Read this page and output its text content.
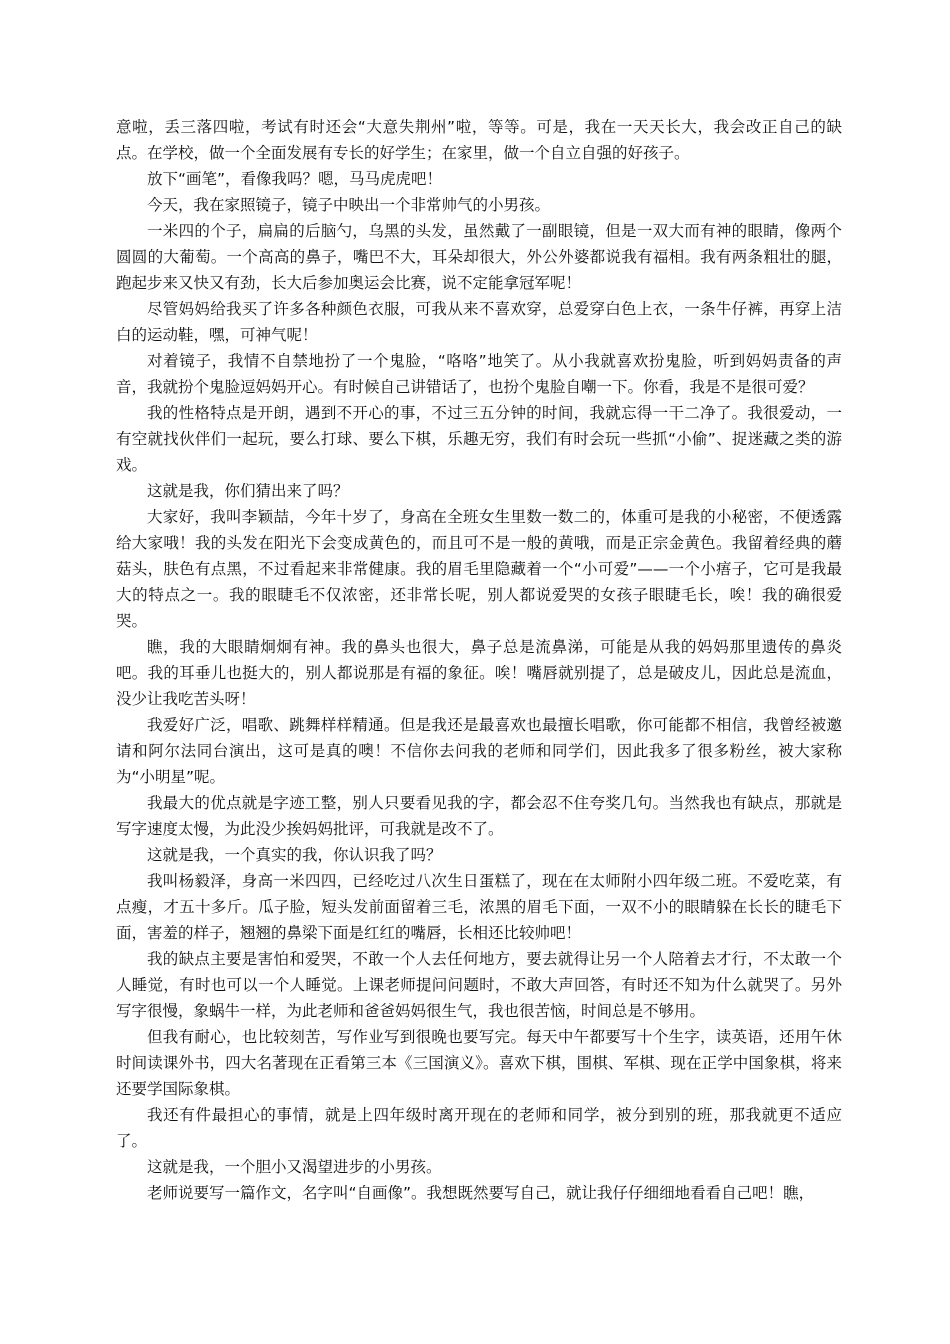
意啦，丢三落四啦，考试有时还会“大意失荆州”啦，等等。可是，我在一天天长大，我会改正自己的缺点。在学校，做一个全面发展有专长的好学生；在家里，做一个自立自强的好孩子。

放下“画笔”，看像我吗？嗯，马马虎虎吧！

今天，我在家照镜子，镜子中映出一个非常帅气的小男孩。

一米四的个子，扁扁的后脑勺，乌黑的头发，虽然戴了一副眼镜，但是一双大而有神的眼睛，像两个圆圆的大葡萄。一个高高的鼻子，嘴巴不大，耳朵却很大，外公外婆都说我有福相。我有两条粗壮的腿，跑起步来又快又有劲，长大后参加奥运会比赛，说不定能拿冠军呢！

尽管妈妈给我买了许多各种颜色衣服，可我从来不喜欢穿，总爱穿白色上衣，一条牛仔裤，再穿上洁白的运动鞋，嘿，可神气呢！

对着镜子，我情不自禁地扮了一个鬼脸，“咯咯”地笑了。从小我就喜欢扮鬼脸，听到妈妈责备的声音，我就扮个鬼脸逗妈妈开心。有时候自己讲错话了，也扮个鬼脸自嘲一下。你看，我是不是很可爱？

我的性格特点是开朗，遇到不开心的事，不过三五分钟的时间，我就忘得一干二净了。我很爱动，一有空就找伙伴们一起玩，要么打球、要么下棋，乐趣无穷，我们有时会玩一些抓“小偷”、捉迷藏之类的游戏。

这就是我，你们猜出来了吗？

大家好，我叫李颖喆，今年十岁了，身高在全班女生里数一数二的，体重可是我的小秘密，不便透露给大家哦！我的头发在阳光下会变成黄色的，而且可不是一般的黄哦，而是正宗金黄色。我留着经典的蘑菇头，肤色有点黑，不过看起来非常健康。我的眉毛里隐藏着一个“小可爱”——一个小痦子，它可是我最大的特点之一。我的眼睫毛不仅浓密，还非常长呢，别人都说爱哭的女孩子眼睫毛长，唉！我的确很爱哭。

瞧，我的大眼睛炯炯有神。我的鼻头也很大，鼻子总是流鼻涕，可能是从我的妈妈那里遗传的鼻炎吧。我的耳垂儿也挺大的，别人都说那是有福的象征。唉！嘴唇就别提了，总是破皮儿，因此总是流血，没少让我吃苦头呀！

我爱好广泛，唱歌、跳舞样样精通。但是我还是最喜欢也最擅长唱歌，你可能都不相信，我曾经被邀请和阿尔法同台演出，这可是真的噢！不信你去问我的老师和同学们，因此我多了很多粉丝，被大家称为“小明星”呢。

我最大的优点就是字迹工整，别人只要看见我的字，都会忍不住夸奖几句。当然我也有缺点，那就是写字速度太慢，为此没少挨妈妈批评，可我就是改不了。

这就是我，一个真实的我，你认识我了吗？

我叫杨毅泽，身高一米四四，已经吃过八次生日蛋糕了，现在在太师附小四年级二班。不爱吃菜，有点瘦，才五十多斤。瓜子脸，短头发前面留着三毛，浓黑的眉毛下面，一双不小的眼睛躲在长长的睫毛下面，害羞的样子，翘翘的鼻梁下面是红红的嘴唇，长相还比较帅吧！

我的缺点主要是害怕和爱哭，不敢一个人去任何地方，要去就得让另一个人陪着去才行，不太敢一个人睡觉，有时也可以一个人睡觉。上课老师提问问题时，不敢大声回答，有时还不知为什么就哭了。另外写字很慢，象蜗牛一样，为此老师和爸爸妈妈很生气，我也很苦恼，时间总是不够用。

但我有耐心，也比较刻苦，写作业写到很晚也要写完。每天中午都要写十个生字，读英语，还用午休时间读课外书，四大名著现在正看第三本《三国演义》。喜欢下棋，围棋、军棋、现在正学中国象棋，将来还要学国际象棋。

我还有件最担心的事情，就是上四年级时离开现在的老师和同学，被分到别的班，那我就更不适应了。

这就是我，一个胆小又渴望进步的小男孩。

老师说要写一篇作文，名字叫“自画像”。我想既然要写自己，就让我仔仔细细地看看自己吧！瞧，
